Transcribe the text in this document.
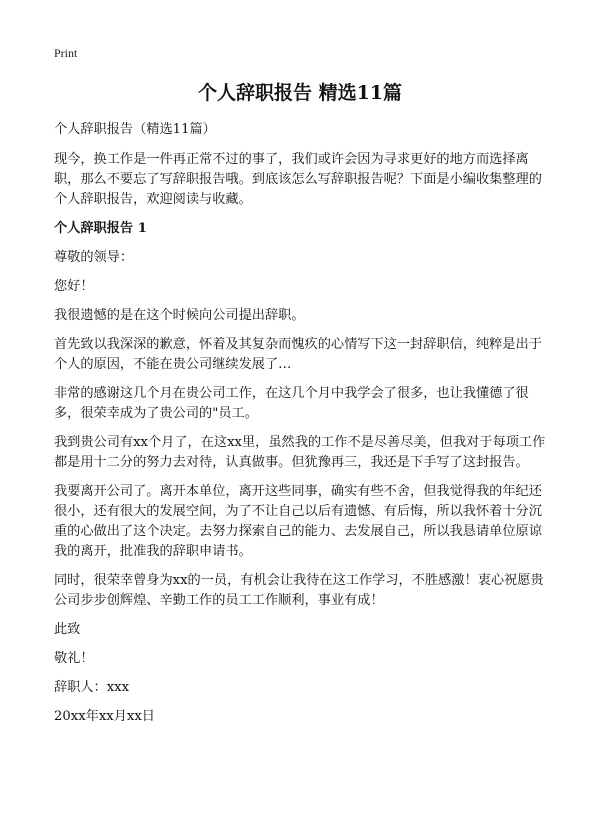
Print
个人辞职报告 精选11篇

个人辞职报告（精选11篇）

现今，换工作是一件再正常不过的事了，我们或许会因为寻求更好的地方而选择离职，那么不要忘了写辞职报告哦。到底该怎么写辞职报告呢？下面是小编收集整理的个人辞职报告，欢迎阅读与收藏。

个人辞职报告 1

尊敬的领导：

您好！

我很遗憾的是在这个时候向公司提出辞职。

首先致以我深深的歉意，怀着及其复杂而愧疚的心情写下这一封辞职信，纯粹是出于个人的原因，不能在贵公司继续发展了…

非常的感谢这几个月在贵公司工作，在这几个月中我学会了很多，也让我懂德了很多，很荣幸成为了贵公司的"员工。

我到贵公司有xx个月了，在这xx里，虽然我的工作不是尽善尽美，但我对于每项工作都是用十二分的努力去对待，认真做事。但犹豫再三，我还是下手写了这封报告。

我要离开公司了。离开本单位，离开这些同事，确实有些不舍，但我觉得我的年纪还很小，还有很大的发展空间，为了不让自己以后有遗憾、有后悔，所以我怀着十分沉重的心做出了这个决定。去努力探索自己的能力、去发展自己，所以我恳请单位原谅我的离开，批准我的辞职申请书。

同时，很荣幸曾身为xx的一员，有机会让我待在这工作学习，不胜感激！衷心祝愿贵公司步步创辉煌、辛勤工作的员工工作顺利，事业有成！

此致

敬礼！

辞职人：xxx

20xx年xx月xx日
